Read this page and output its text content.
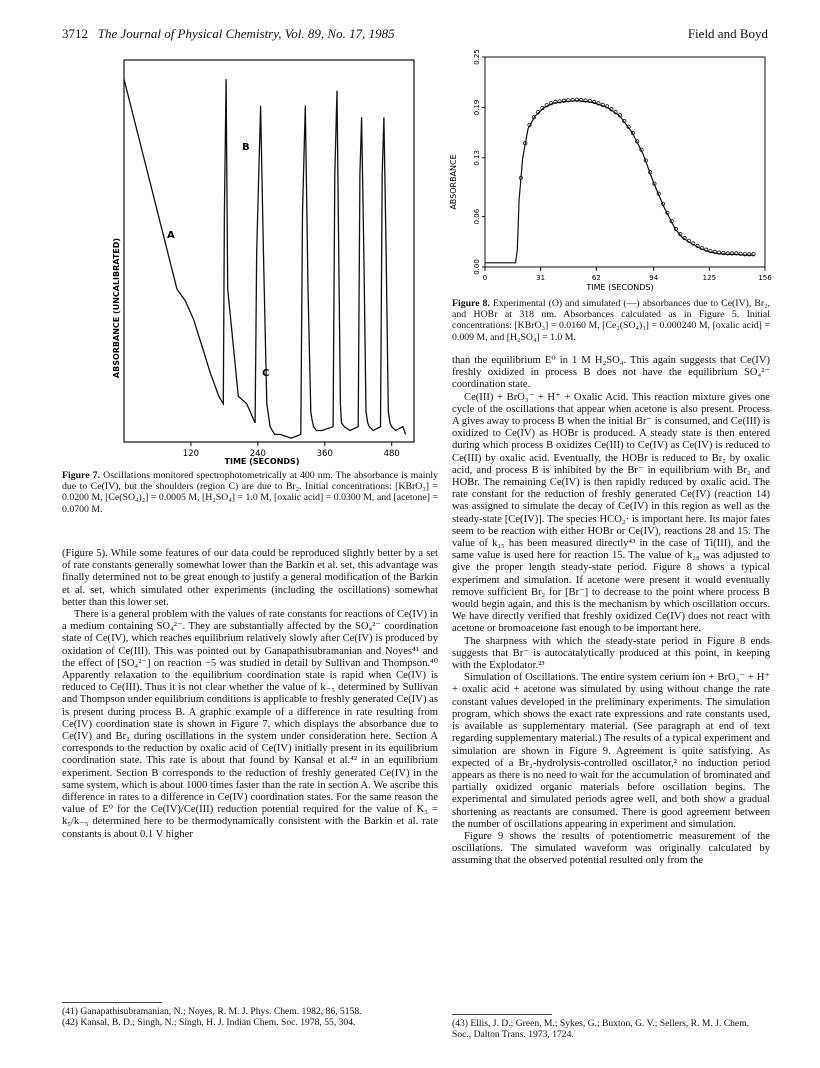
3712 The Journal of Physical Chemistry, Vol. 89, No. 17, 1985	Field and Boyd
ABSORBANCE (UNCALIBRATED)
120	240	360	480
A
B
C
TIME (SECONDS)
Figure 7. Oscillations monitored spectrophotometrically at 400 nm. The absorbance is mainly due to Ce(IV), but the shoulders (region C) are due to Br₂. Initial concentrations: [KBrO₃] = 0.0200 M, [Ce(SO₄)₂] = 0.0005 M, [H₂SO₄] = 1.0 M, [oxalic acid] = 0.0300 M, and [acetone] = 0.0700 M.
0	31	62	94	125	156
0.00
0.06
0.13
0.19
0.25
ABSORBANCE
TIME (SECONDS)
Figure 8. Experimental (O) and simulated (—) absorbances due to Ce(IV), Br₂, and HOBr at 318 nm. Absorbances calculated as in Figure 5. Initial concentrations: [KBrO₃] = 0.0160 M, [Ce₂(SO₄)₃] = 0.000240 M, [oxalic acid] = 0.009 M, and [H₂SO₄] = 1.0 M.

(Figure 5). While some features of our data could be reproduced slightly better by a set of rate constants generally somewhat lower than the Barkin et al. set, this advantage was finally determined not to be great enough to justify a general modification of the Barkin et al. set, which simulated other experiments (including the oscillations) somewhat better than this lower set.

There is a general problem with the values of rate constants for reactions of Ce(IV) in a medium containing SO₄²⁻. They are substantially affected by the SO₄²⁻ coordination state of Ce(IV), which reaches equilibrium relatively slowly after Ce(IV) is produced by oxidation of Ce(III). This was pointed out by Ganapathisubramanian and Noyes⁴¹ and the effect of [SO₄²⁻] on reaction −5 was studied in detail by Sullivan and Thompson.⁴⁰ Apparently relaxation to the equilibrium coordination state is rapid when Ce(IV) is reduced to Ce(III). Thus it is not clear whether the value of k₋₅ determined by Sullivan and Thompson under equilibrium conditions is applicable to freshly generated Ce(IV) as is present during process B. A graphic example of a difference in rate resulting from Ce(IV) coordination state is shown in Figure 7, which displays the absorbance due to Ce(IV) and Br₂ during oscillations in the system under consideration here. Section A corresponds to the reduction by oxalic acid of Ce(IV) initially present in its equilibrium coordination state. This rate is about that found by Kansal et al.⁴² in an equilibrium experiment. Section B corresponds to the reduction of freshly generated Ce(IV) in the same system, which is about 1000 times faster than the rate in section A. We ascribe this difference in rates to a difference in Ce(IV) coordination states. For the same reason the value of E⁰ for the Ce(IV)/Ce(III) reduction potential required for the value of K₅ = k₅/k₋₅ determined here to be thermodynamically consistent with the Barkin et al. rate constants is about 0.1 V higher

than the equilibrium E⁰ in 1 M H₂SO₄. This again suggests that Ce(IV) freshly oxidized in process B does not have the equilibrium SO₄²⁻ coordination state.

Ce(III) + BrO₃⁻ + H⁺ + Oxalic Acid. This reaction mixture gives one cycle of the oscillations that appear when acetone is also present. Process A gives away to process B when the initial Br⁻ is consumed, and Ce(III) is oxidized to Ce(IV) as HOBr is produced. A steady state is then entered during which process B oxidizes Ce(III) to Ce(IV) as Ce(IV) is reduced to Ce(III) by oxalic acid. Eventually, the HOBr is reduced to Br₂ by oxalic acid, and process B is inhibited by the Br⁻ in equilibrium with Br₂ and HOBr. The remaining Ce(IV) is then rapidly reduced by oxalic acid. The rate constant for the reduction of freshly generated Ce(IV) (reaction 14) was assigned to simulate the decay of Ce(IV) in this region as well as the steady-state [Ce(IV)]. The species HCO₂· is important here. Its major fates seem to be reaction with either HOBr or Ce(IV), reactions 28 and 15. The value of k₁₅ has been measured directly⁴³ in the case of Ti(III), and the same value is used here for reaction 15. The value of k₂₈ was adjusted to give the proper length steady-state period. Figure 8 shows a typical experiment and simulation. If acetone were present it would eventually remove sufficient Br₂ for [Br⁻] to decrease to the point where process B would begin again, and this is the mechanism by which oscillation occurs. We have directly verified that freshly oxidized Ce(IV) does not react with acetone or bromoacetone fast enough to be important here.

The sharpness with which the steady-state period in Figure 8 ends suggests that Br⁻ is autocatalytically produced at this point, in keeping with the Explodator.²³

Simulation of Oscillations. The entire system cerium ion + BrO₃⁻ + H⁺ + oxalic acid + acetone was simulated by using without change the rate constant values developed in the preliminary experiments. The simulation program, which shows the exact rate expressions and rate constants used, is available as supplementary material. (See paragraph at end of text regarding supplementary material.) The results of a typical experiment and simulation are shown in Figure 9. Agreement is quite satisfying. As expected of a Br₂-hydrolysis-controlled oscillator,² no induction period appears as there is no need to wait for the accumulation of brominated and partially oxidized organic materials before oscillation begins. The experimental and simulated periods agree well, and both show a gradual shortening as reactants are consumed. There is good agreement between the number of oscillations appearing in experiment and simulation.

Figure 9 shows the results of potentiometric measurement of the oscillations. The simulated waveform was originally calculated by assuming that the observed potential resulted only from the

(41) Ganapathisubramanian, N.; Noyes, R. M. J. Phys. Chem. 1982, 86, 5158.
(42) Kansal, B. D.; Singh, N.; Singh, H. J. Indian Chem. Soc. 1978, 55, 304.	(43) Ellis, J. D.; Green, M.; Sykes, G.; Buxton, G. V.; Sellers, R. M. J. Chem. Soc., Dalton Trans. 1973, 1724.
